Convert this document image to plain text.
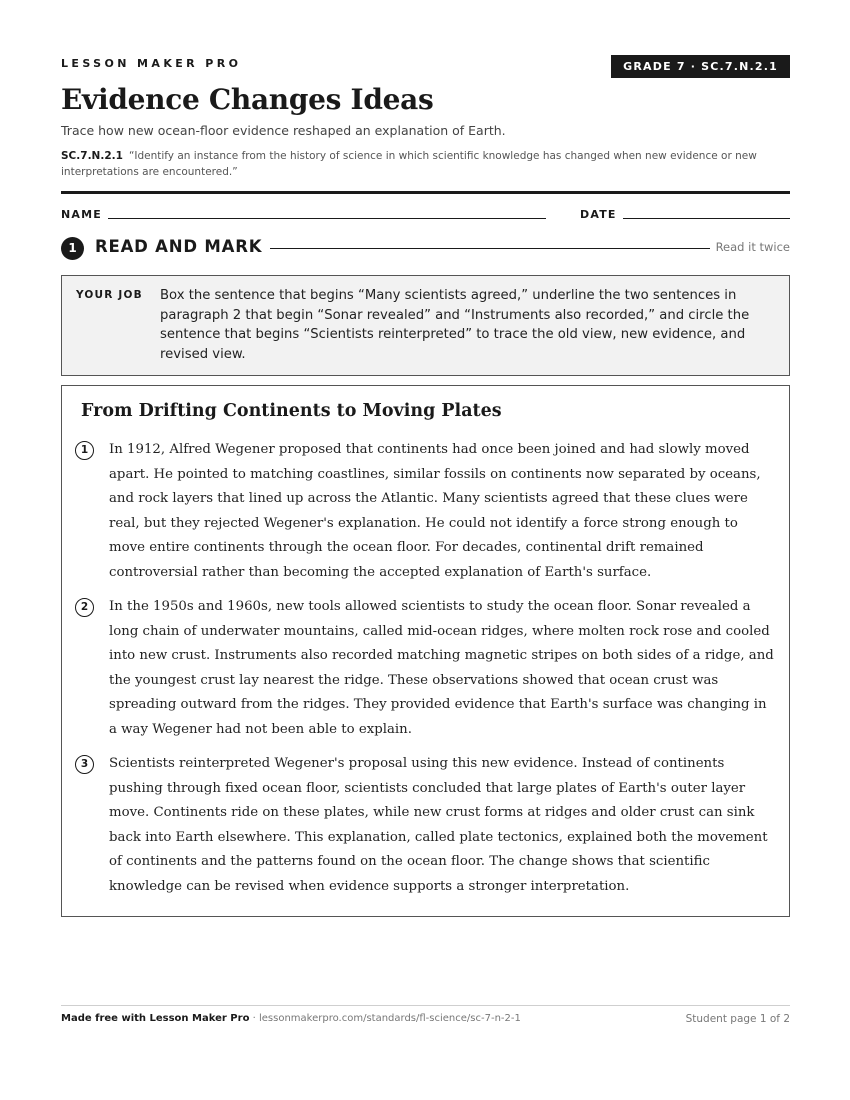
LESSON MAKER PRO	GRADE 7 · SC.7.N.2.1
Evidence Changes Ideas
Trace how new ocean-floor evidence reshaped an explanation of Earth.
SC.7.N.2.1 “Identify an instance from the history of science in which scientific knowledge has changed when new evidence or new interpretations are encountered.”
NAME	DATE
1	READ AND MARK	Read it twice
YOUR JOB Box the sentence that begins “Many scientists agreed,” underline the two sentences in paragraph 2 that begin “Sonar revealed” and “Instruments also recorded,” and circle the sentence that begins “Scientists reinterpreted” to trace the old view, new evidence, and revised view.
From Drifting Continents to Moving Plates
1	In 1912, Alfred Wegener proposed that continents had once been joined and had slowly moved apart. He pointed to matching coastlines, similar fossils on continents now separated by oceans, and rock layers that lined up across the Atlantic. Many scientists agreed that these clues were real, but they rejected Wegener's explanation. He could not identify a force strong enough to move entire continents through the ocean floor. For decades, continental drift remained controversial rather than becoming the accepted explanation of Earth's surface.

2	In the 1950s and 1960s, new tools allowed scientists to study the ocean floor. Sonar revealed a long chain of underwater mountains, called mid-ocean ridges, where molten rock rose and cooled into new crust. Instruments also recorded matching magnetic stripes on both sides of a ridge, and the youngest crust lay nearest the ridge. These observations showed that ocean crust was spreading outward from the ridges. They provided evidence that Earth's surface was changing in a way Wegener had not been able to explain.

3	Scientists reinterpreted Wegener's proposal using this new evidence. Instead of continents pushing through fixed ocean floor, scientists concluded that large plates of Earth's outer layer move. Continents ride on these plates, while new crust forms at ridges and older crust can sink back into Earth elsewhere. This explanation, called plate tectonics, explained both the movement of continents and the patterns found on the ocean floor. The change shows that scientific knowledge can be revised when evidence supports a stronger interpretation.

Made free with Lesson Maker Pro · lessonmakerpro.com/standards/fl-science/sc-7-n-2-1	Student page 1 of 2
